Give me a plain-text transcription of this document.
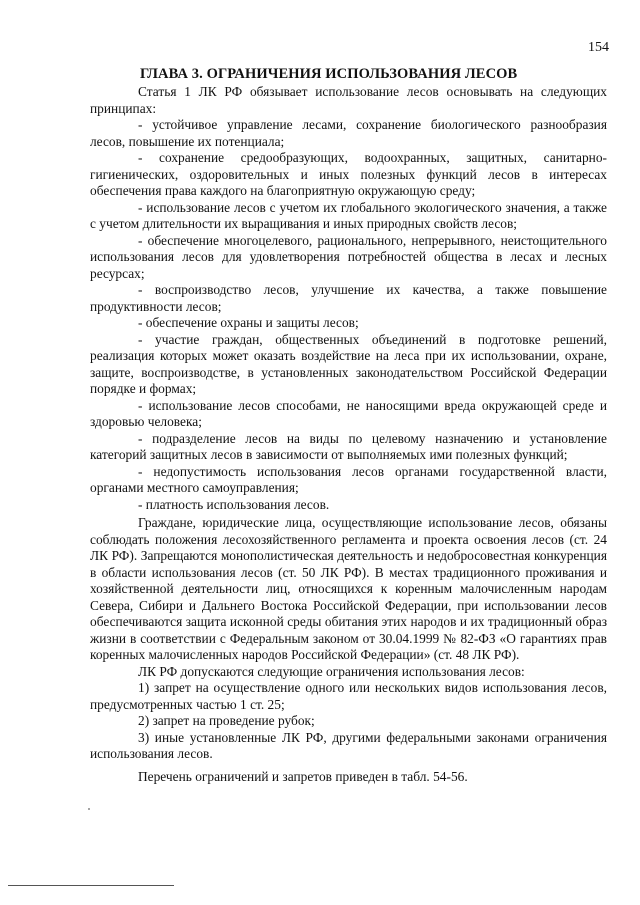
154
ГЛАВА 3. ОГРАНИЧЕНИЯ ИСПОЛЬЗОВАНИЯ ЛЕСОВ

Статья 1 ЛК РФ обязывает использование лесов основывать на следующих принципах:

- устойчивое управление лесами, сохранение биологического разнообразия лесов, повышение их потенциала;

- сохранение средообразующих, водоохранных, защитных, санитарно-гигиенических, оздоровительных и иных полезных функций лесов в интересах обеспечения права каждого на благоприятную окружающую среду;

- использование лесов с учетом их глобального экологического значения, а также с учетом длительности их выращивания и иных природных свойств лесов;

- обеспечение многоцелевого, рационального, непрерывного, неистощительного использования лесов для удовлетворения потребностей общества в лесах и лесных ресурсах;

- воспроизводство лесов, улучшение их качества, а также повышение продуктивности лесов;

- обеспечение охраны и защиты лесов;

- участие граждан, общественных объединений в подготовке решений, реализация которых может оказать воздействие на леса при их использовании, охране, защите, воспроизводстве, в установленных законодательством Российской Федерации порядке и формах;

- использование лесов способами, не наносящими вреда окружающей среде и здоровью человека;

- подразделение лесов на виды по целевому назначению и установление категорий защитных лесов в зависимости от выполняемых ими полезных функций;

- недопустимость использования лесов органами государственной власти, органами местного самоуправления;

- платность использования лесов.

Граждане, юридические лица, осуществляющие использование лесов, обязаны соблюдать положения лесохозяйственного регламента и проекта освоения лесов (ст. 24 ЛК РФ). Запрещаются монополистическая деятельность и недобросовестная конкуренция в области использования лесов (ст. 50 ЛК РФ). В местах традиционного проживания и хозяйственной деятельности лиц, относящихся к коренным малочисленным народам Севера, Сибири и Дальнего Востока Российской Федерации, при использовании лесов обеспечиваются защита исконной среды обитания этих народов и их традиционный образ жизни в соответствии с Федеральным законом от 30.04.1999 № 82-ФЗ «О гарантиях прав коренных малочисленных народов Российской Федерации» (ст. 48 ЛК РФ).

ЛК РФ допускаются следующие ограничения использования лесов:

1) запрет на осуществление одного или нескольких видов использования лесов, предусмотренных частью 1 ст. 25;

2) запрет на проведение рубок;

3) иные установленные ЛК РФ, другими федеральными законами ограничения использования лесов.

Перечень ограничений и запретов приведен в табл. 54-56.
